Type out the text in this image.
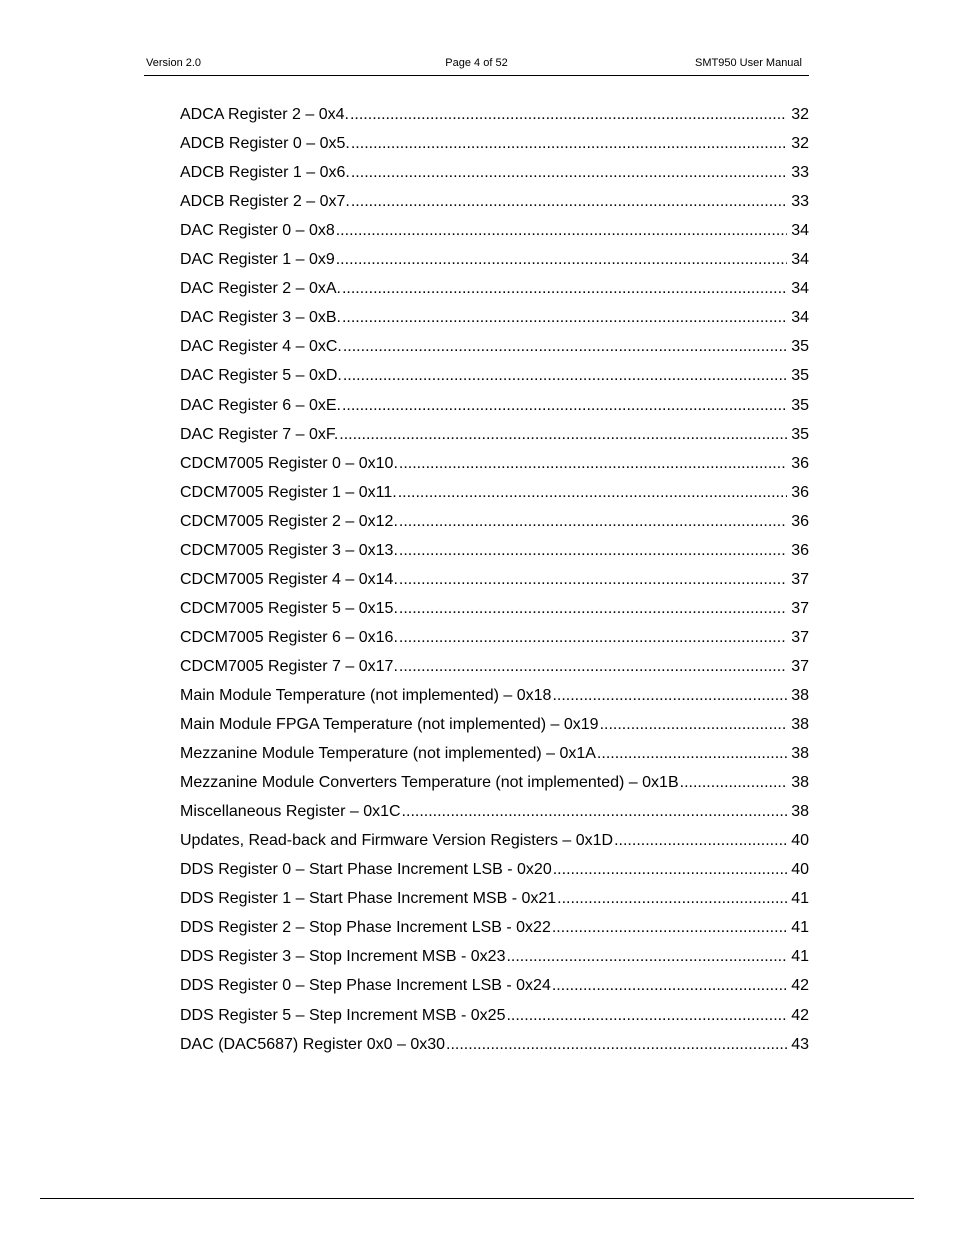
Version 2.0	Page 4 of 52	SMT950 User Manual
ADCA Register 2 – 0x4. .....	32
ADCB Register 0 – 0x5. .....	32
ADCB Register 1 – 0x6. .....	33
ADCB Register 2 – 0x7. .....	33
DAC Register 0 – 0x8 .....	34
DAC Register 1 – 0x9 .....	34
DAC Register 2 – 0xA. .....	34
DAC Register 3 – 0xB. .....	34
DAC Register 4 – 0xC. .....	35
DAC Register 5 – 0xD. .....	35
DAC Register 6 – 0xE. .....	35
DAC Register 7 – 0xF. .....	35
CDCM7005 Register 0 – 0x10. .....	36
CDCM7005 Register 1 – 0x11. .....	36
CDCM7005 Register 2 – 0x12. .....	36
CDCM7005 Register 3 – 0x13. .....	36
CDCM7005 Register 4 – 0x14. .....	37
CDCM7005 Register 5 – 0x15. .....	37
CDCM7005 Register 6 – 0x16. .....	37
CDCM7005 Register 7 – 0x17. .....	37
Main Module Temperature (not implemented) – 0x18 .....	38
Main Module FPGA Temperature (not implemented) – 0x19 .....	38
Mezzanine Module Temperature (not implemented) – 0x1A .....	38
Mezzanine Module Converters Temperature (not implemented) – 0x1B .....	38
Miscellaneous Register – 0x1C .....	38
Updates, Read-back and Firmware Version Registers – 0x1D .....	40
DDS Register 0 – Start Phase Increment LSB - 0x20 .....	40
DDS Register 1 – Start Phase Increment MSB - 0x21 .....	41
DDS Register 2 – Stop Phase Increment LSB - 0x22 .....	41
DDS Register 3 – Stop Increment MSB - 0x23 .....	41
DDS Register 0 – Step Phase Increment LSB - 0x24 .....	42
DDS Register 5 – Step Increment MSB - 0x25 .....	42
DAC (DAC5687) Register 0x0 – 0x30 .....	43
